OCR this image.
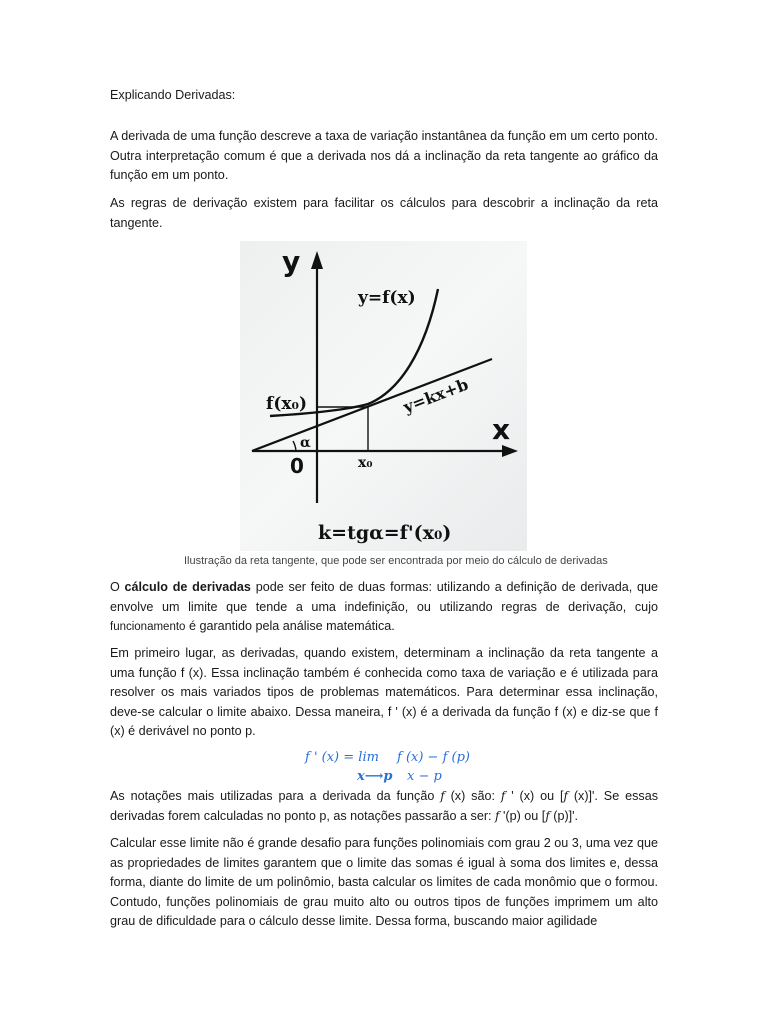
Explicando Derivadas:

A derivada de uma função descreve a taxa de variação instantânea da função em um certo ponto. Outra interpretação comum é que a derivada nos dá a inclinação da reta tangente ao gráfico da função em um ponto.

As regras de derivação existem para facilitar os cálculos para descobrir a inclinação da reta tangente.

y
x
0
y=f(x)
y=kx+b
f(x₀)
x₀
α
k=tgα=f'(x₀)
Ilustração da reta tangente, que pode ser encontrada por meio do cálculo de derivadas

O cálculo de derivadas pode ser feito de duas formas: utilizando a definição de derivada, que envolve um limite que tende a uma indefinição, ou utilizando regras de derivação, cujo funcionamento é garantido pela análise matemática.

Em primeiro lugar, as derivadas, quando existem, determinam a inclinação da reta tangente a uma função f (x). Essa inclinação também é conhecida como taxa de variação e é utilizada para resolver os mais variados tipos de problemas matemáticos. Para determinar essa inclinação, deve-se calcular o limite abaixo. Dessa maneira, f ' (x) é a derivada da função f (x) e diz-se que f (x) é derivável no ponto p.

f ' (x) = lim f (x) − f (p)
x⟶p x − p

As notações mais utilizadas para a derivada da função f (x) são: f ' (x) ou [f (x)]'. Se essas derivadas forem calculadas no ponto p, as notações passarão a ser: f '(p) ou [f (p)]'.

Calcular esse limite não é grande desafio para funções polinomiais com grau 2 ou 3, uma vez que as propriedades de limites garantem que o limite das somas é igual à soma dos limites e, dessa forma, diante do limite de um polinômio, basta calcular os limites de cada monômio que o formou. Contudo, funções polinomiais de grau muito alto ou outros tipos de funções imprimem um alto grau de dificuldade para o cálculo desse limite. Dessa forma, buscando maior agilidade
